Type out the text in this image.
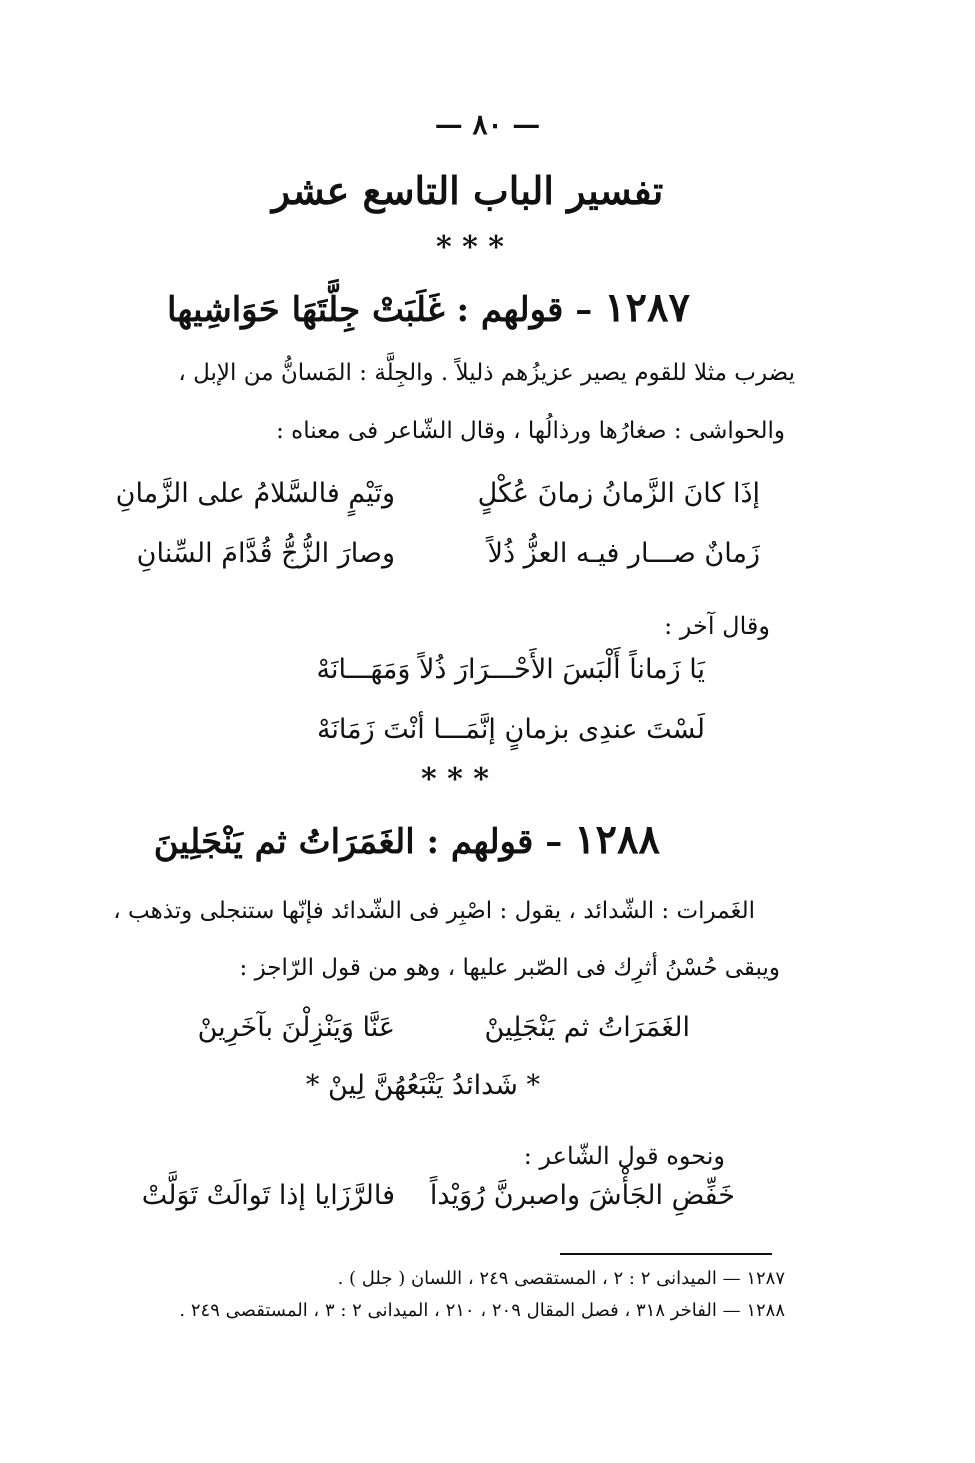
— ٨٠ —
تفسير الباب التاسع عشر
* * *
١٢٨٧ – قولهم : غَلَبَتْ جِلَّتَهَا حَوَاشِيها
يضرب مثلا للقوم يصير عزيزُهم ذليلاً . والجِلَّة : المَسانُّ من الإبل ،
والحواشى : صغارُها ورذالُها ، وقال الشّاعر فى معناه :
إذَا كانَ الزَّمانُ زمانَ عُكْلٍ
وتَيْمٍ فالسَّلامُ على الزَّمانِ
زَمانٌ صـــار فيـه العزُّ ذُلاً
وصارَ الزُّجُّ قُدَّامَ السِّنانِ
وقال آخر :
يَا زَماناً أَلْبَسَ الأَحْـــرَارَ ذُلاً وَمَهَـــانَهْ
لَسْتَ عندِى بزمانٍ إنَّمَـــا أنْتَ زَمَانَهْ
* * *
١٢٨٨ – قولهم : الغَمَرَاتُ ثم يَنْجَلِينَ
الغَمرات : الشّدائد ، يقول : اصْبِر فى الشّدائد فإنّها ستنجلى وتذهب ،
ويبقى حُسْنُ أثرِك فى الصّبر عليها ، وهو من قول الرّاجز :
الغَمَرَاتُ ثم يَنْجَلِينْ
عَنَّا وَيَنْزِلْنَ بآخَرِينْ
* شَدائدُ يَتْبَعُهُنَّ لِينْ *
ونحوه قول الشّاعر :
خَفِّضِ الجَأْشَ واصبرنَّ رُوَيْداً
فالرَّزَايا إذا تَوالَتْ تَوَلَّتْ
١٢٨٧ — الميدانى ٢ : ٢ ، المستقصى ٢٤٩ ، اللسان ( جلل ) .
١٢٨٨ — الفاخر ٣١٨ ، فصل المقال ٢٠٩ ، ٢١٠ ، الميدانى ٢ : ٣ ، المستقصى ٢٤٩ .
